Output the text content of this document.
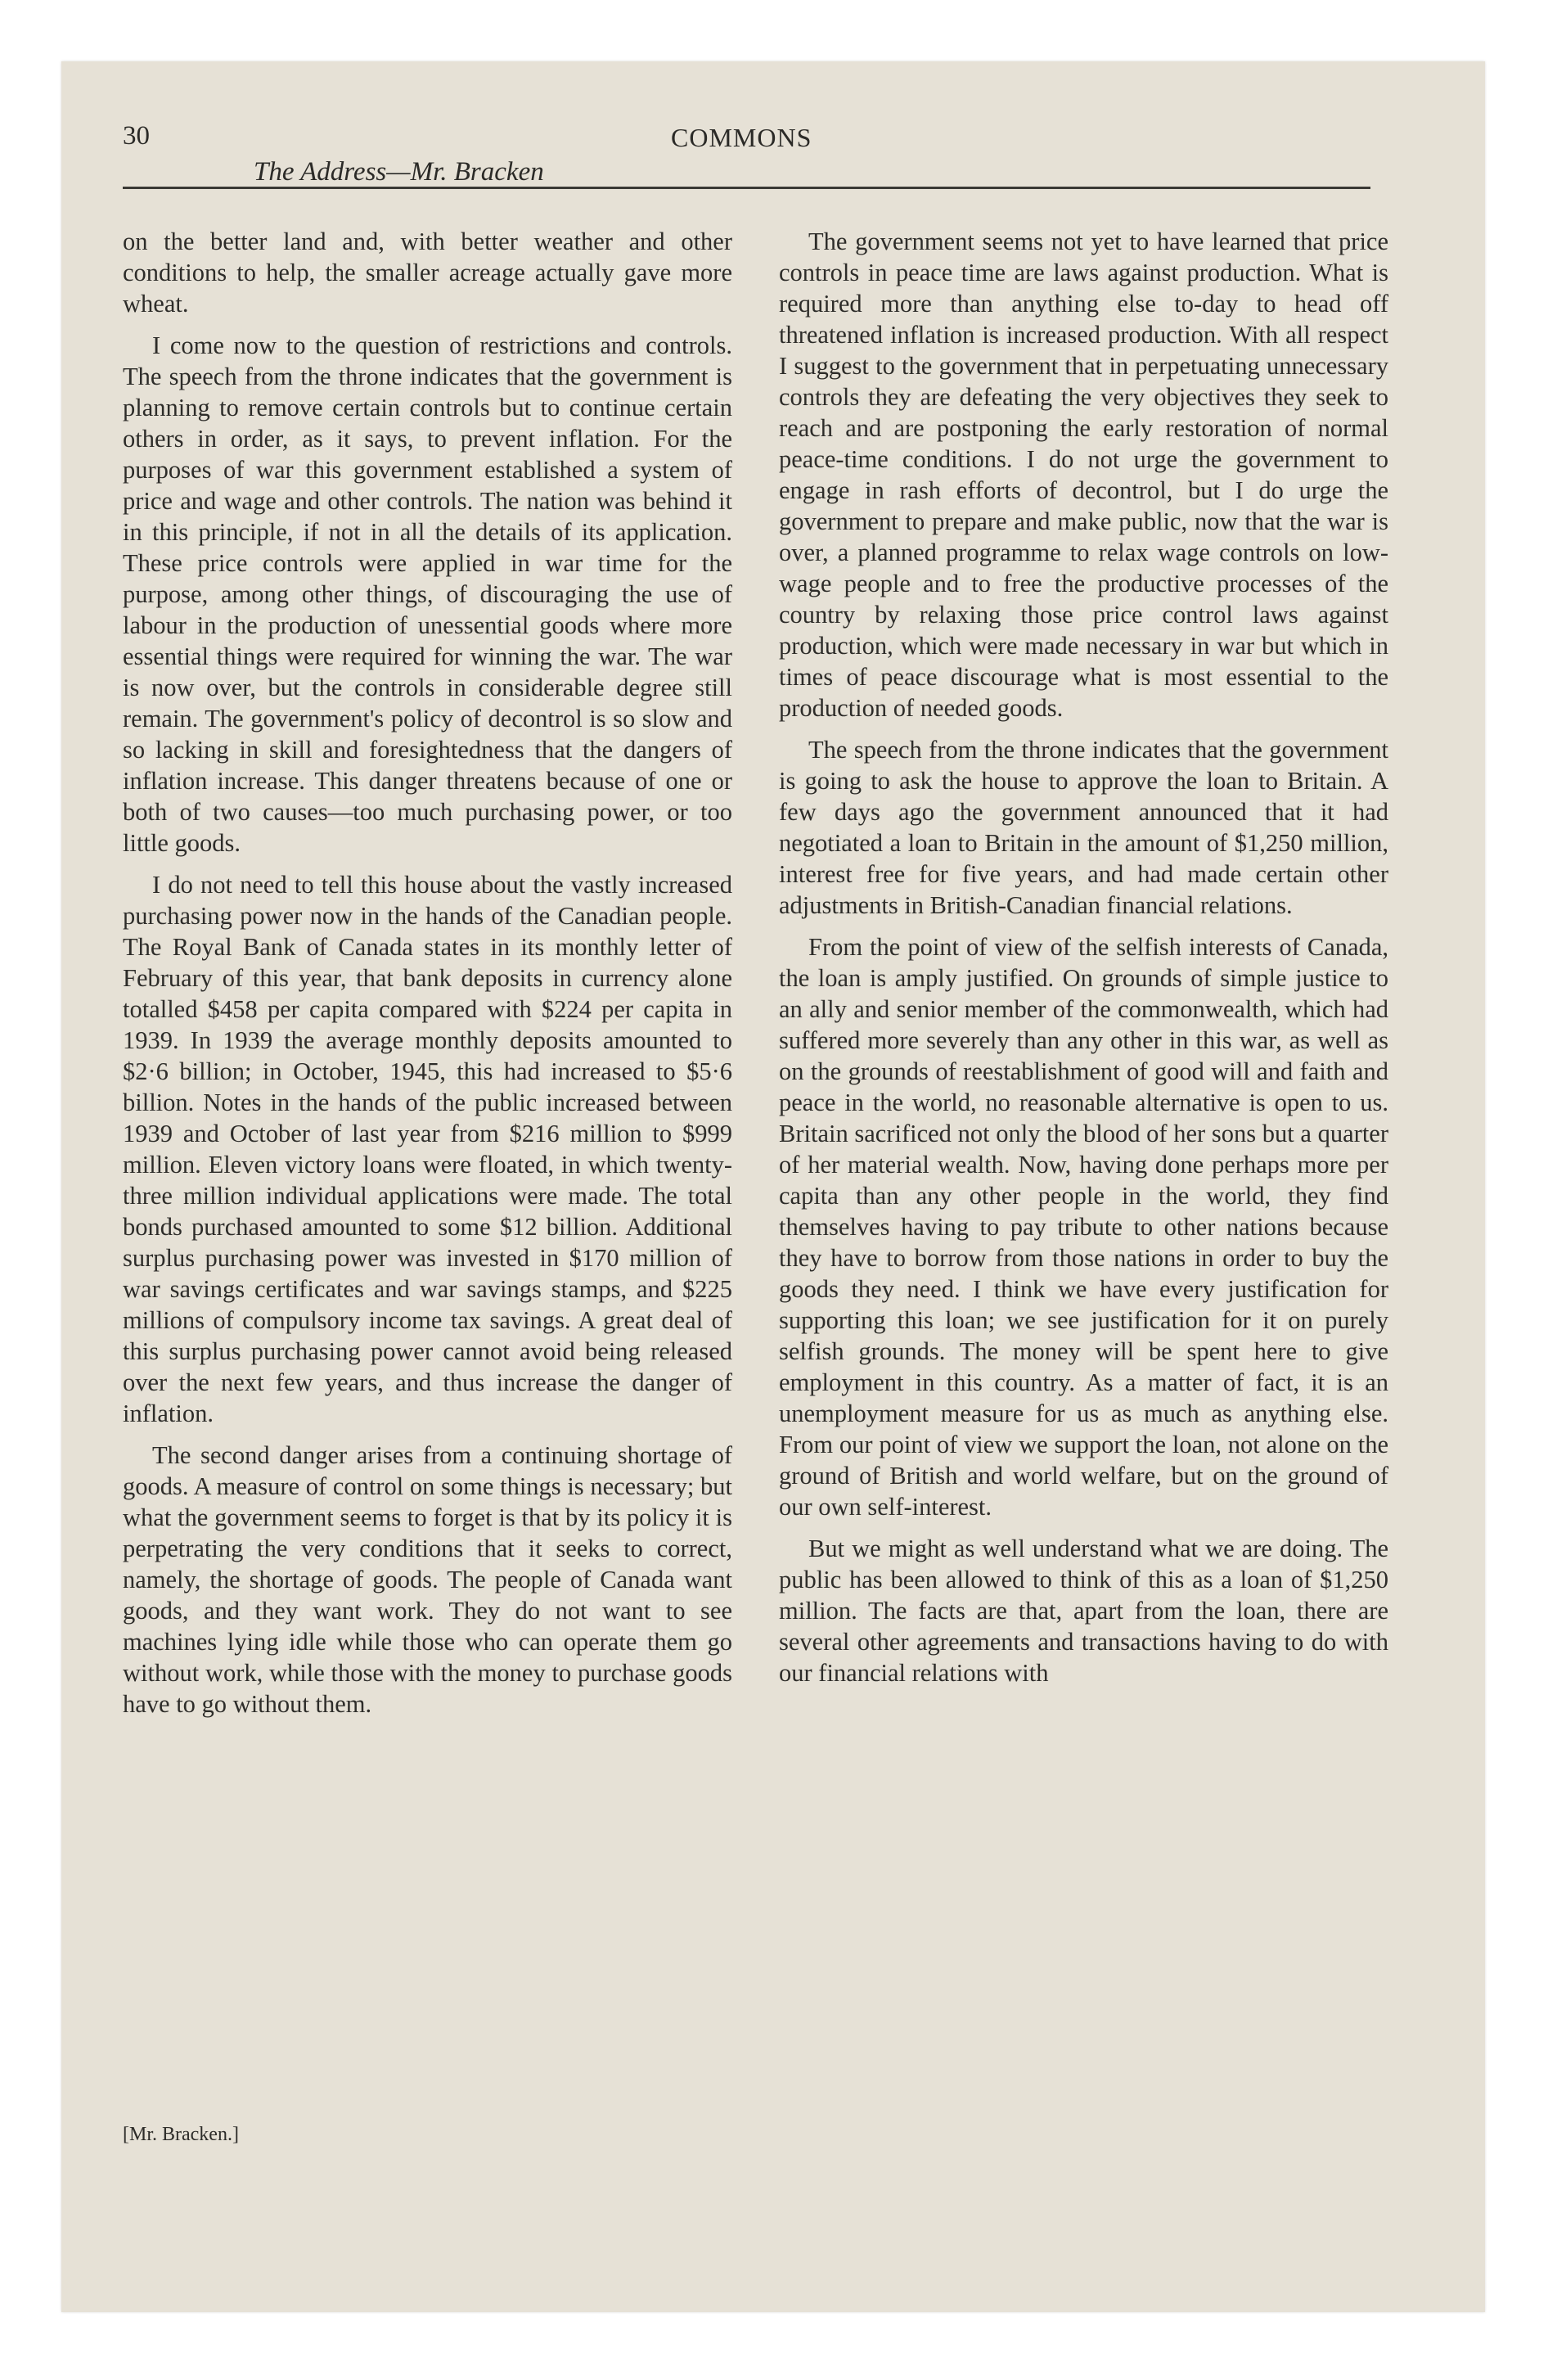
30	COMMONS
The Address—Mr. Bracken

on the better land and, with better weather and other conditions to help, the smaller acreage actually gave more wheat.

I come now to the question of restrictions and controls. The speech from the throne indicates that the government is planning to remove certain controls but to continue certain others in order, as it says, to prevent inflation. For the purposes of war this government established a system of price and wage and other controls. The nation was behind it in this principle, if not in all the details of its application. These price controls were applied in war time for the purpose, among other things, of discouraging the use of labour in the production of unessential goods where more essential things were required for winning the war. The war is now over, but the controls in considerable degree still remain. The government's policy of decontrol is so slow and so lacking in skill and foresightedness that the dangers of inflation increase. This danger threatens because of one or both of two causes—too much purchasing power, or too little goods.

I do not need to tell this house about the vastly increased purchasing power now in the hands of the Canadian people. The Royal Bank of Canada states in its monthly letter of February of this year, that bank deposits in currency alone totalled $458 per capita compared with $224 per capita in 1939. In 1939 the average monthly deposits amounted to $2·6 billion; in October, 1945, this had increased to $5·6 billion. Notes in the hands of the public increased between 1939 and October of last year from $216 million to $999 million. Eleven victory loans were floated, in which twenty-three million individual applications were made. The total bonds purchased amounted to some $12 billion. Additional surplus purchasing power was invested in $170 million of war savings certificates and war savings stamps, and $225 millions of compulsory income tax savings. A great deal of this surplus purchasing power cannot avoid being released over the next few years, and thus increase the danger of inflation.

The second danger arises from a continuing shortage of goods. A measure of control on some things is necessary; but what the government seems to forget is that by its policy it is perpetrating the very conditions that it seeks to correct, namely, the shortage of goods. The people of Canada want goods, and they want work. They do not want to see machines lying idle while those who can operate them go without work, while those with the money to purchase goods have to go without them.

[Mr. Bracken.]

The government seems not yet to have learned that price controls in peace time are laws against production. What is required more than anything else to-day to head off threatened inflation is increased production. With all respect I suggest to the government that in perpetuating unnecessary controls they are defeating the very objectives they seek to reach and are postponing the early restoration of normal peace-time conditions. I do not urge the government to engage in rash efforts of decontrol, but I do urge the government to prepare and make public, now that the war is over, a planned programme to relax wage controls on low-wage people and to free the productive processes of the country by relaxing those price control laws against production, which were made necessary in war but which in times of peace discourage what is most essential to the production of needed goods.

The speech from the throne indicates that the government is going to ask the house to approve the loan to Britain. A few days ago the government announced that it had negotiated a loan to Britain in the amount of $1,250 million, interest free for five years, and had made certain other adjustments in British-Canadian financial relations.

From the point of view of the selfish interests of Canada, the loan is amply justified. On grounds of simple justice to an ally and senior member of the commonwealth, which had suffered more severely than any other in this war, as well as on the grounds of reestablishment of good will and faith and peace in the world, no reasonable alternative is open to us. Britain sacrificed not only the blood of her sons but a quarter of her material wealth. Now, having done perhaps more per capita than any other people in the world, they find themselves having to pay tribute to other nations because they have to borrow from those nations in order to buy the goods they need. I think we have every justification for supporting this loan; we see justification for it on purely selfish grounds. The money will be spent here to give employment in this country. As a matter of fact, it is an unemployment measure for us as much as anything else. From our point of view we support the loan, not alone on the ground of British and world welfare, but on the ground of our own self-interest.

But we might as well understand what we are doing. The public has been allowed to think of this as a loan of $1,250 million. The facts are that, apart from the loan, there are several other agreements and transactions having to do with our financial relations with
